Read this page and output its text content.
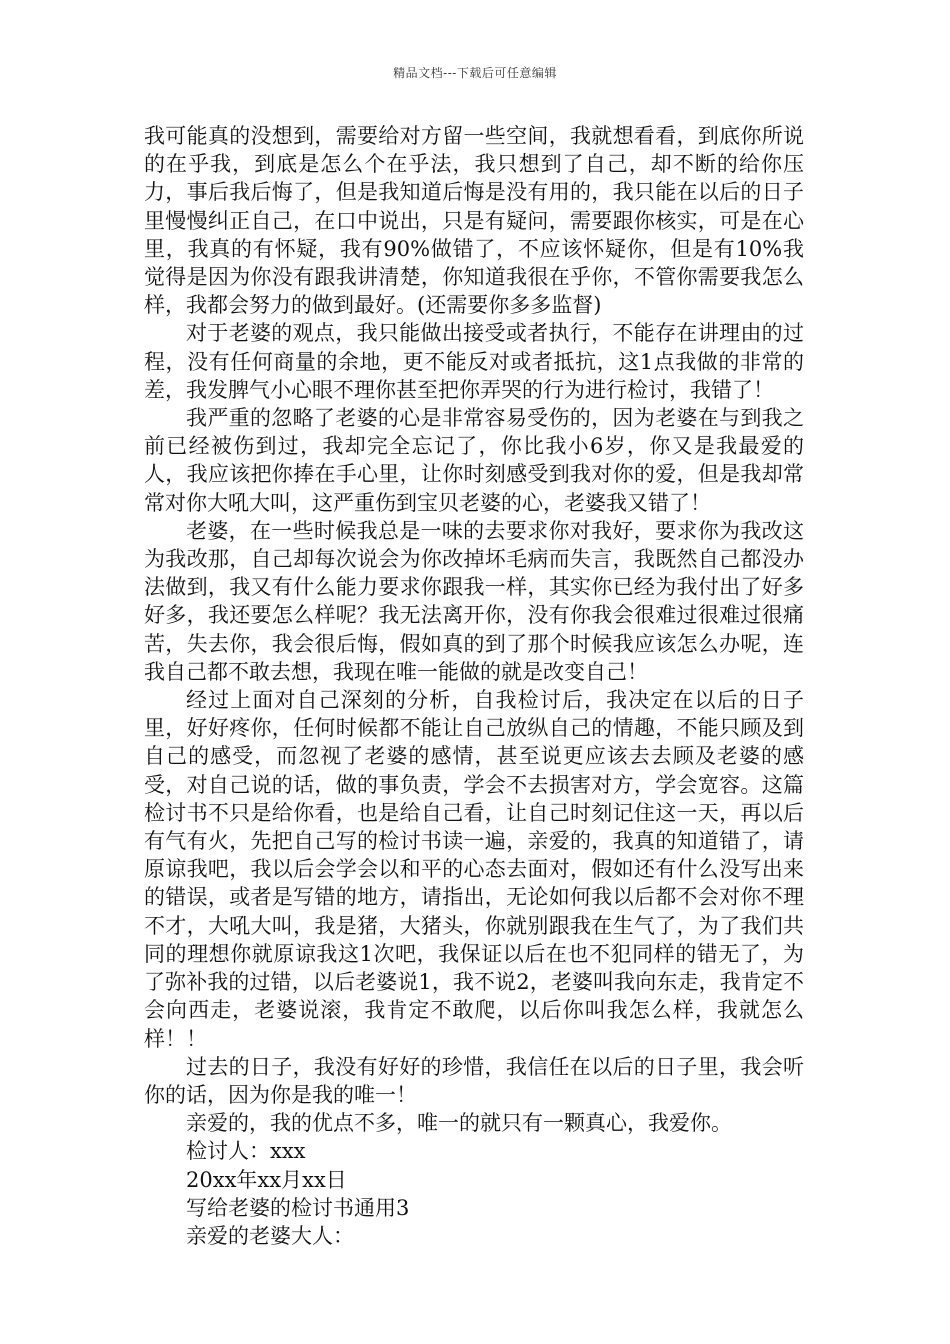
精品文档---下载后可任意编辑

我可能真的没想到，需要给对方留一些空间，我就想看看，到底你所说的在乎我，到底是怎么个在乎法，我只想到了自己，却不断的给你压力，事后我后悔了，但是我知道后悔是没有用的，我只能在以后的日子里慢慢纠正自己，在口中说出，只是有疑问，需要跟你核实，可是在心里，我真的有怀疑，我有90%做错了，不应该怀疑你，但是有10%我觉得是因为你没有跟我讲清楚，你知道我很在乎你，不管你需要我怎么样，我都会努力的做到最好。(还需要你多多监督)

对于老婆的观点，我只能做出接受或者执行，不能存在讲理由的过程，没有任何商量的余地，更不能反对或者抵抗，这1点我做的非常的差，我发脾气小心眼不理你甚至把你弄哭的行为进行检讨，我错了！

我严重的忽略了老婆的心是非常容易受伤的，因为老婆在与到我之前已经被伤到过，我却完全忘记了，你比我小6岁，你又是我最爱的人，我应该把你捧在手心里，让你时刻感受到我对你的爱，但是我却常常对你大吼大叫，这严重伤到宝贝老婆的心，老婆我又错了！

老婆，在一些时候我总是一味的去要求你对我好，要求你为我改这为我改那，自己却每次说会为你改掉坏毛病而失言，我既然自己都没办法做到，我又有什么能力要求你跟我一样，其实你已经为我付出了好多好多，我还要怎么样呢？我无法离开你，没有你我会很难过很难过很痛苦，失去你，我会很后悔，假如真的到了那个时候我应该怎么办呢，连我自己都不敢去想，我现在唯一能做的就是改变自己！

经过上面对自己深刻的分析，自我检讨后，我决定在以后的日子里，好好疼你，任何时候都不能让自己放纵自己的情趣，不能只顾及到自己的感受，而忽视了老婆的感情，甚至说更应该去去顾及老婆的感受，对自己说的话，做的事负责，学会不去损害对方，学会宽容。这篇检讨书不只是给你看，也是给自己看，让自己时刻记住这一天，再以后有气有火，先把自己写的检讨书读一遍，亲爱的，我真的知道错了，请原谅我吧，我以后会学会以和平的心态去面对，假如还有什么没写出来的错误，或者是写错的地方，请指出，无论如何我以后都不会对你不理不才，大吼大叫，我是猪，大猪头，你就别跟我在生气了，为了我们共同的理想你就原谅我这1次吧，我保证以后在也不犯同样的错无了，为了弥补我的过错，以后老婆说1，我不说2，老婆叫我向东走，我肯定不会向西走，老婆说滚，我肯定不敢爬，以后你叫我怎么样，我就怎么样！！

过去的日子，我没有好好的珍惜，我信任在以后的日子里，我会听你的话，因为你是我的唯一！

亲爱的，我的优点不多，唯一的就只有一颗真心，我爱你。

检讨人：xxx

20xx年xx月xx日

写给老婆的检讨书通用3

亲爱的老婆大人：
